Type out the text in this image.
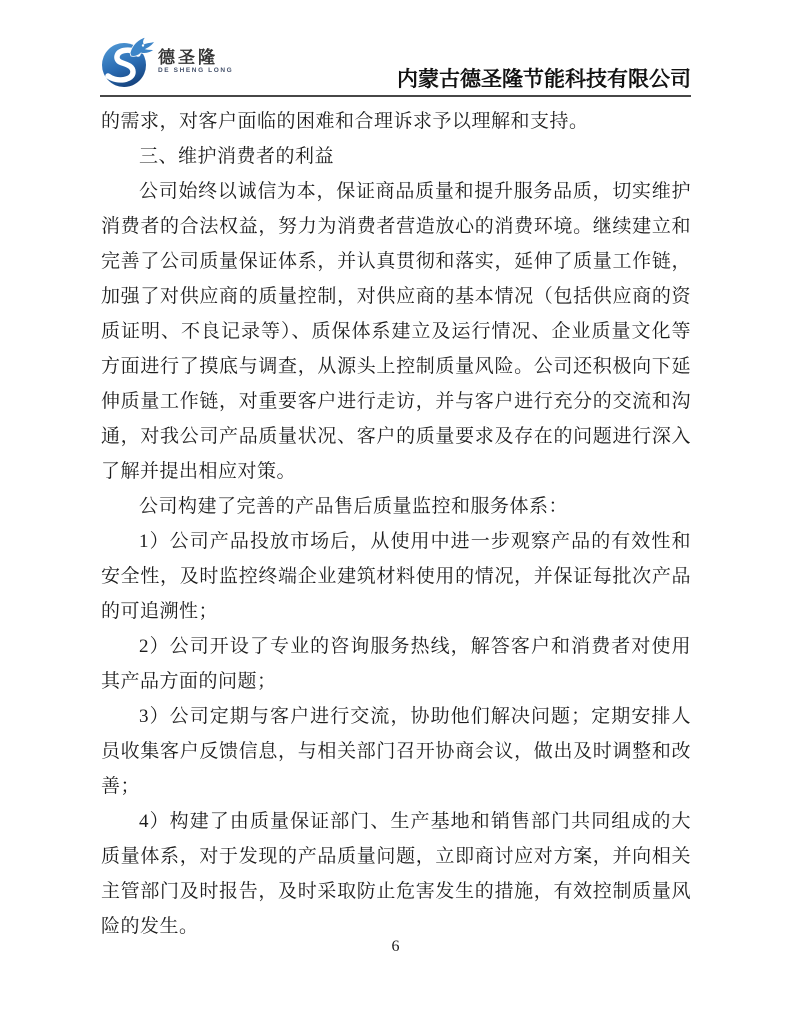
德圣隆
DE SHENG LONG	内蒙古德圣隆节能科技有限公司

的需求，对客户面临的困难和合理诉求予以理解和支持。

三、维护消费者的利益

公司始终以诚信为本，保证商品质量和提升服务品质，切实维护消费者的合法权益，努力为消费者营造放心的消费环境。继续建立和完善了公司质量保证体系，并认真贯彻和落实，延伸了质量工作链，加强了对供应商的质量控制，对供应商的基本情况（包括供应商的资质证明、不良记录等）、质保体系建立及运行情况、企业质量文化等方面进行了摸底与调查，从源头上控制质量风险。公司还积极向下延伸质量工作链，对重要客户进行走访，并与客户进行充分的交流和沟通，对我公司产品质量状况、客户的质量要求及存在的问题进行深入了解并提出相应对策。

公司构建了完善的产品售后质量监控和服务体系：

1）公司产品投放市场后，从使用中进一步观察产品的有效性和安全性，及时监控终端企业建筑材料使用的情况，并保证每批次产品的可追溯性；

2）公司开设了专业的咨询服务热线，解答客户和消费者对使用其产品方面的问题；

3）公司定期与客户进行交流，协助他们解决问题；定期安排人员收集客户反馈信息，与相关部门召开协商会议，做出及时调整和改善；

4）构建了由质量保证部门、生产基地和销售部门共同组成的大质量体系，对于发现的产品质量问题，立即商讨应对方案，并向相关主管部门及时报告，及时采取防止危害发生的措施，有效控制质量风险的发生。

6
